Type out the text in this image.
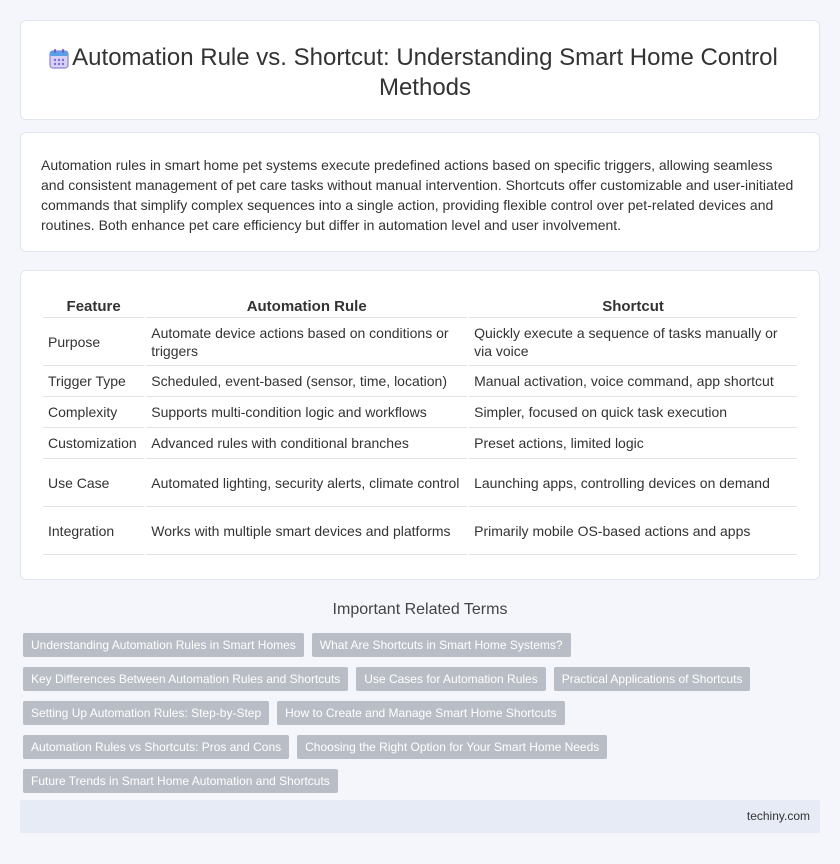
Automation Rule vs. Shortcut: Understanding Smart Home Control Methods

Automation rules in smart home pet systems execute predefined actions based on specific triggers, allowing seamless and consistent management of pet care tasks without manual intervention. Shortcuts offer customizable and user-initiated commands that simplify complex sequences into a single action, providing flexible control over pet-related devices and routines. Both enhance pet care efficiency but differ in automation level and user involvement.

Feature	Automation Rule	Shortcut
Purpose	Automate device actions based on conditions or triggers	Quickly execute a sequence of tasks manually or via voice
Trigger Type	Scheduled, event-based (sensor, time, location)	Manual activation, voice command, app shortcut
Complexity	Supports multi-condition logic and workflows	Simpler, focused on quick task execution
Customization	Advanced rules with conditional branches	Preset actions, limited logic
Use Case	Automated lighting, security alerts, climate control	Launching apps, controlling devices on demand
Integration	Works with multiple smart devices and platforms	Primarily mobile OS-based actions and apps
Important Related Terms
Understanding Automation Rules in Smart Homes	What Are Shortcuts in Smart Home Systems?
Key Differences Between Automation Rules and Shortcuts	Use Cases for Automation Rules	Practical Applications of Shortcuts
Setting Up Automation Rules: Step-by-Step	How to Create and Manage Smart Home Shortcuts
Automation Rules vs Shortcuts: Pros and Cons	Choosing the Right Option for Your Smart Home Needs
Future Trends in Smart Home Automation and Shortcuts
techiny.com
